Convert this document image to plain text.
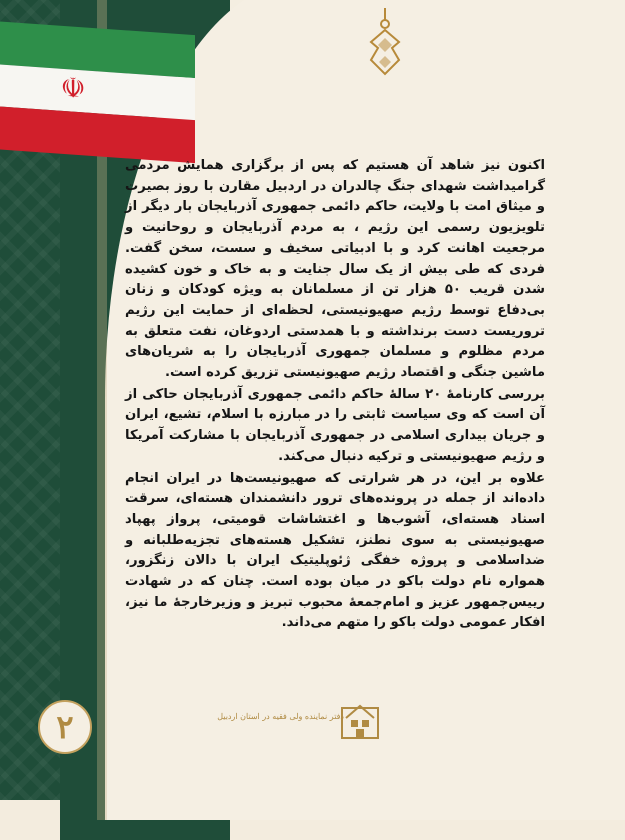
☫

اکنون نیز شاهد آن هستیم که پس از برگزاری همایش مردمی گرامیداشت شهدای جنگ چالدران در اردبیل مقارن با روز بصیرت و میثاق امت با ولایت، حاکم دائمی جمهوری آذربایجان بار دیگر از تلویزیون رسمی این رژیم ، به مردم آذربایجان و روحانیت و مرجعیت اهانت کرد و با ادبیاتی سخیف و سست، سخن گفت. فردی که طی بیش از یک سال جنایت و به خاک و خون کشیده شدن قریب ۵۰ هزار تن از مسلمانان به ویژه کودکان و زنان بی‌دفاع توسط رژیم صهیونیستی، لحظه‌ای از حمایت این رژیم تروریست دست برنداشته و با همدستی اردوغان، نفت متعلق به مردم مظلوم و مسلمان جمهوری آذربایجان را به شریان‌های ماشین جنگی و اقتصاد رژیم صهیونیستی تزریق کرده است.

بررسی کارنامۀ ۲۰ سالۀ حاکم دائمی جمهوری آذربایجان حاکی از آن است که وی سیاست ثابتی را در مبارزه با اسلام، تشیع، ایران و جریان بیداری اسلامی در جمهوری آذربایجان با مشارکت آمریکا و رژیم صهیونیستی و ترکیه دنبال می‌کند.

علاوه بر این، در هر شرارتی که صهیونیست‌ها در ایران انجام داده‌اند از جمله در پرونده‌های ترور دانشمندان هسته‌ای، سرقت اسناد هسته‌ای، آشوب‌ها و اغتشاشات قومیتی، پرواز پهپاد صهیونیستی به سوی نطنز، تشکیل هسته‌های تجزیه‌طلبانه و ضداسلامی و پروژه خفگی ژئوپلیتیک ایران با دالان زنگزور، همواره نام دولت باکو در میان بوده است. چنان که در شهادت رییس‌جمهور عزیز و امام‌جمعۀ محبوب تبریز و وزیرخارجۀ ما نیز، افکار عمومی دولت باکو را متهم می‌داند.

۲	دفتر نماینده ولی فقیه در استان اردبیل
